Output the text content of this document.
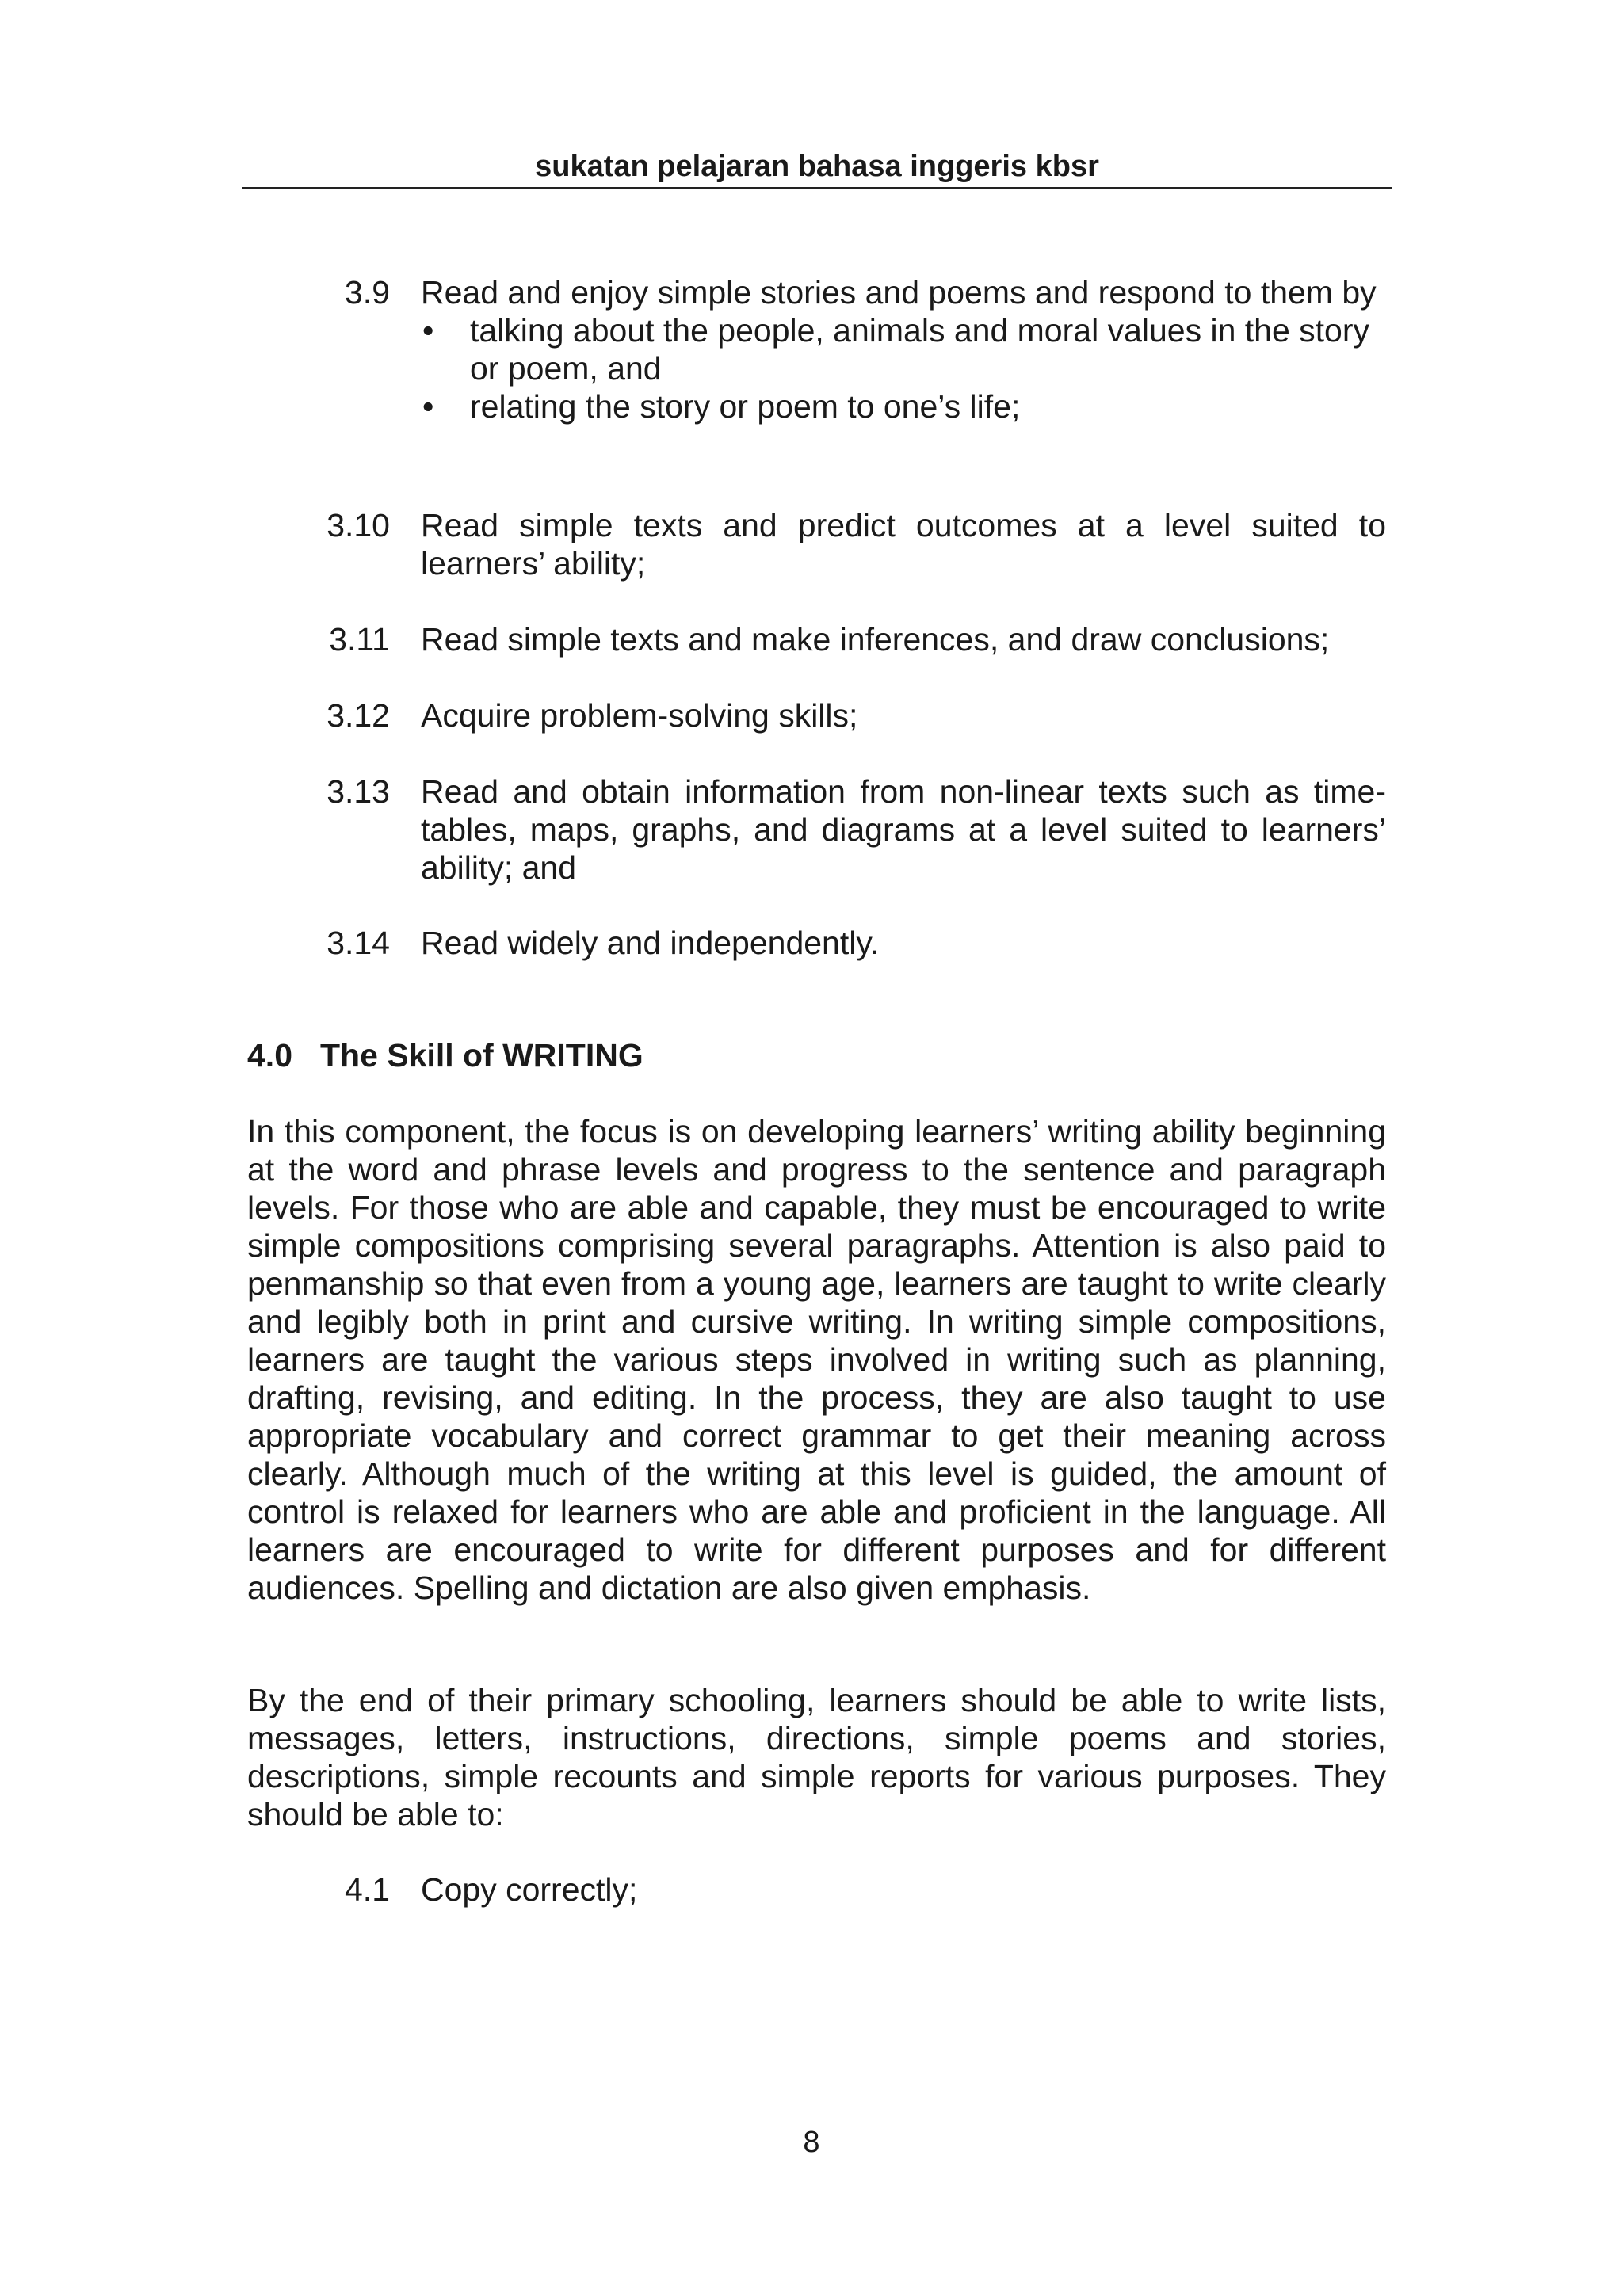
sukatan pelajaran bahasa inggeris kbsr
3.9 Read and enjoy simple stories and poems and respond to them by
• talking about the people, animals and moral values in the story or poem, and
• relating the story or poem to one’s life;
3.10 Read simple texts and predict outcomes at a level suited to learners’ ability;
3.11 Read simple texts and make inferences, and draw conclusions;
3.12 Acquire problem-solving skills;
3.13 Read and obtain information from non-linear texts such as time-tables, maps, graphs, and diagrams at a level suited to learners’ ability; and
3.14 Read widely and independently.
4.0 The Skill of WRITING
In this component, the focus is on developing learners’ writing ability beginning at the word and phrase levels and progress to the sentence and paragraph levels. For those who are able and capable, they must be encouraged to write simple compositions comprising several paragraphs. Attention is also paid to penmanship so that even from a young age, learners are taught to write clearly and legibly both in print and cursive writing. In writing simple compositions, learners are taught the various steps involved in writing such as planning, drafting, revising, and editing. In the process, they are also taught to use appropriate vocabulary and correct grammar to get their meaning across clearly. Although much of the writing at this level is guided, the amount of control is relaxed for learners who are able and proficient in the language. All learners are encouraged to write for different purposes and for different audiences. Spelling and dictation are also given emphasis.
By the end of their primary schooling, learners should be able to write lists, messages, letters, instructions, directions, simple poems and stories, descriptions, simple recounts and simple reports for various purposes. They should be able to:
4.1 Copy correctly;
8
